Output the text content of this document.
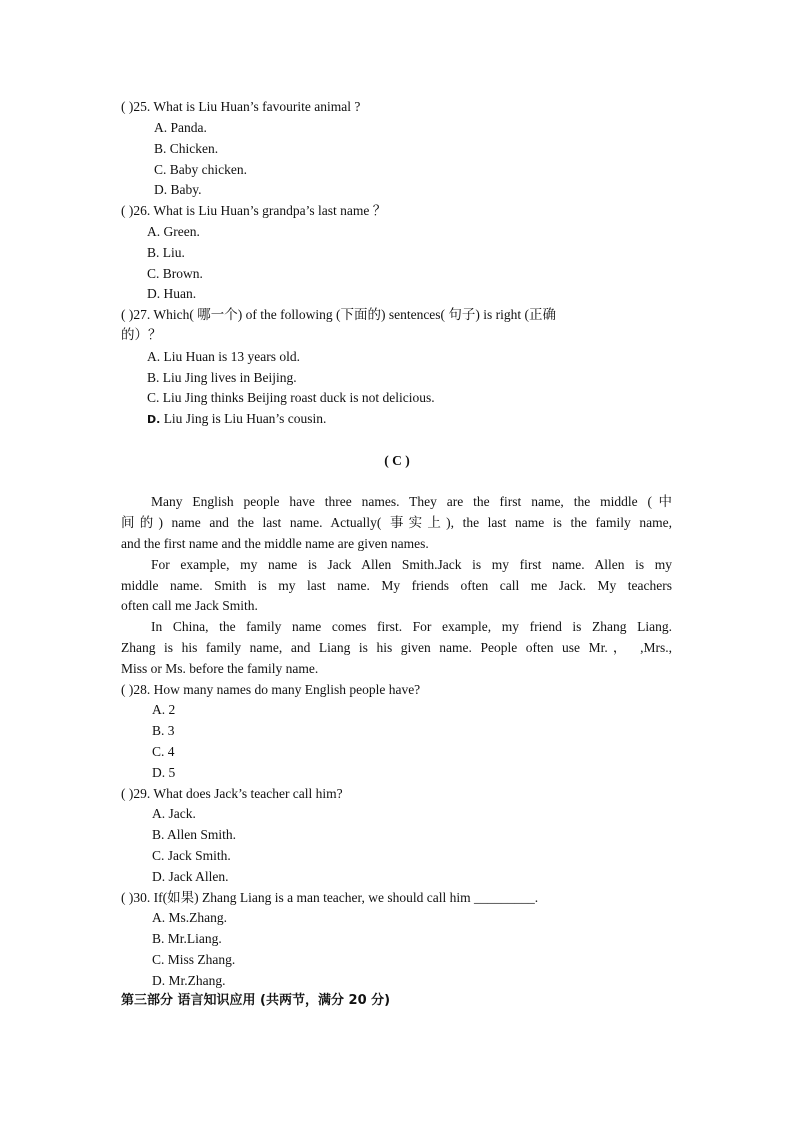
( )25. What is Liu Huan’s favourite animal ?
A. Panda.
B. Chicken.
C. Baby chicken.
D. Baby.
( )26. What is Liu Huan’s grandpa’s last name ？
A. Green.
B. Liu.
C. Brown.
D. Huan.
( )27. Which( 哪一个) of the following (下面的) sentences( 句子) is right (正确
的）？
A. Liu Huan is 13 years old.
B. Liu Jing lives in Beijing.
C. Liu Jing thinks Beijing roast duck is not delicious.
D. Liu Jing is Liu Huan’s cousin.
( C )
Many English people have three names. They are the first name, the middle (中
间的) name and the last name. Actually( 事实上), the last name is the family name,
and the first name and the middle name are given names.
For example, my name is Jack Allen Smith.Jack is my first name. Allen is my
middle name. Smith is my last name. My friends often call me Jack. My teachers
often call me Jack Smith.
In China, the family name comes first. For example, my friend is Zhang Liang.
Zhang is his family name, and Liang is his given name. People often use Mr.， ,Mrs.,
Miss or Ms. before the family name.
( )28. How many names do many English people have?
A. 2
B. 3
C. 4
D. 5
( )29. What does Jack’s teacher call him?
A. Jack.
B. Allen Smith.
C. Jack Smith.
D. Jack Allen.
( )30. If(如果) Zhang Liang is a man teacher, we should call him _________.
A. Ms.Zhang.
B. Mr.Liang.
C. Miss Zhang.
D. Mr.Zhang.
第三部分 语言知识应用 (共两节，满分 20 分)
